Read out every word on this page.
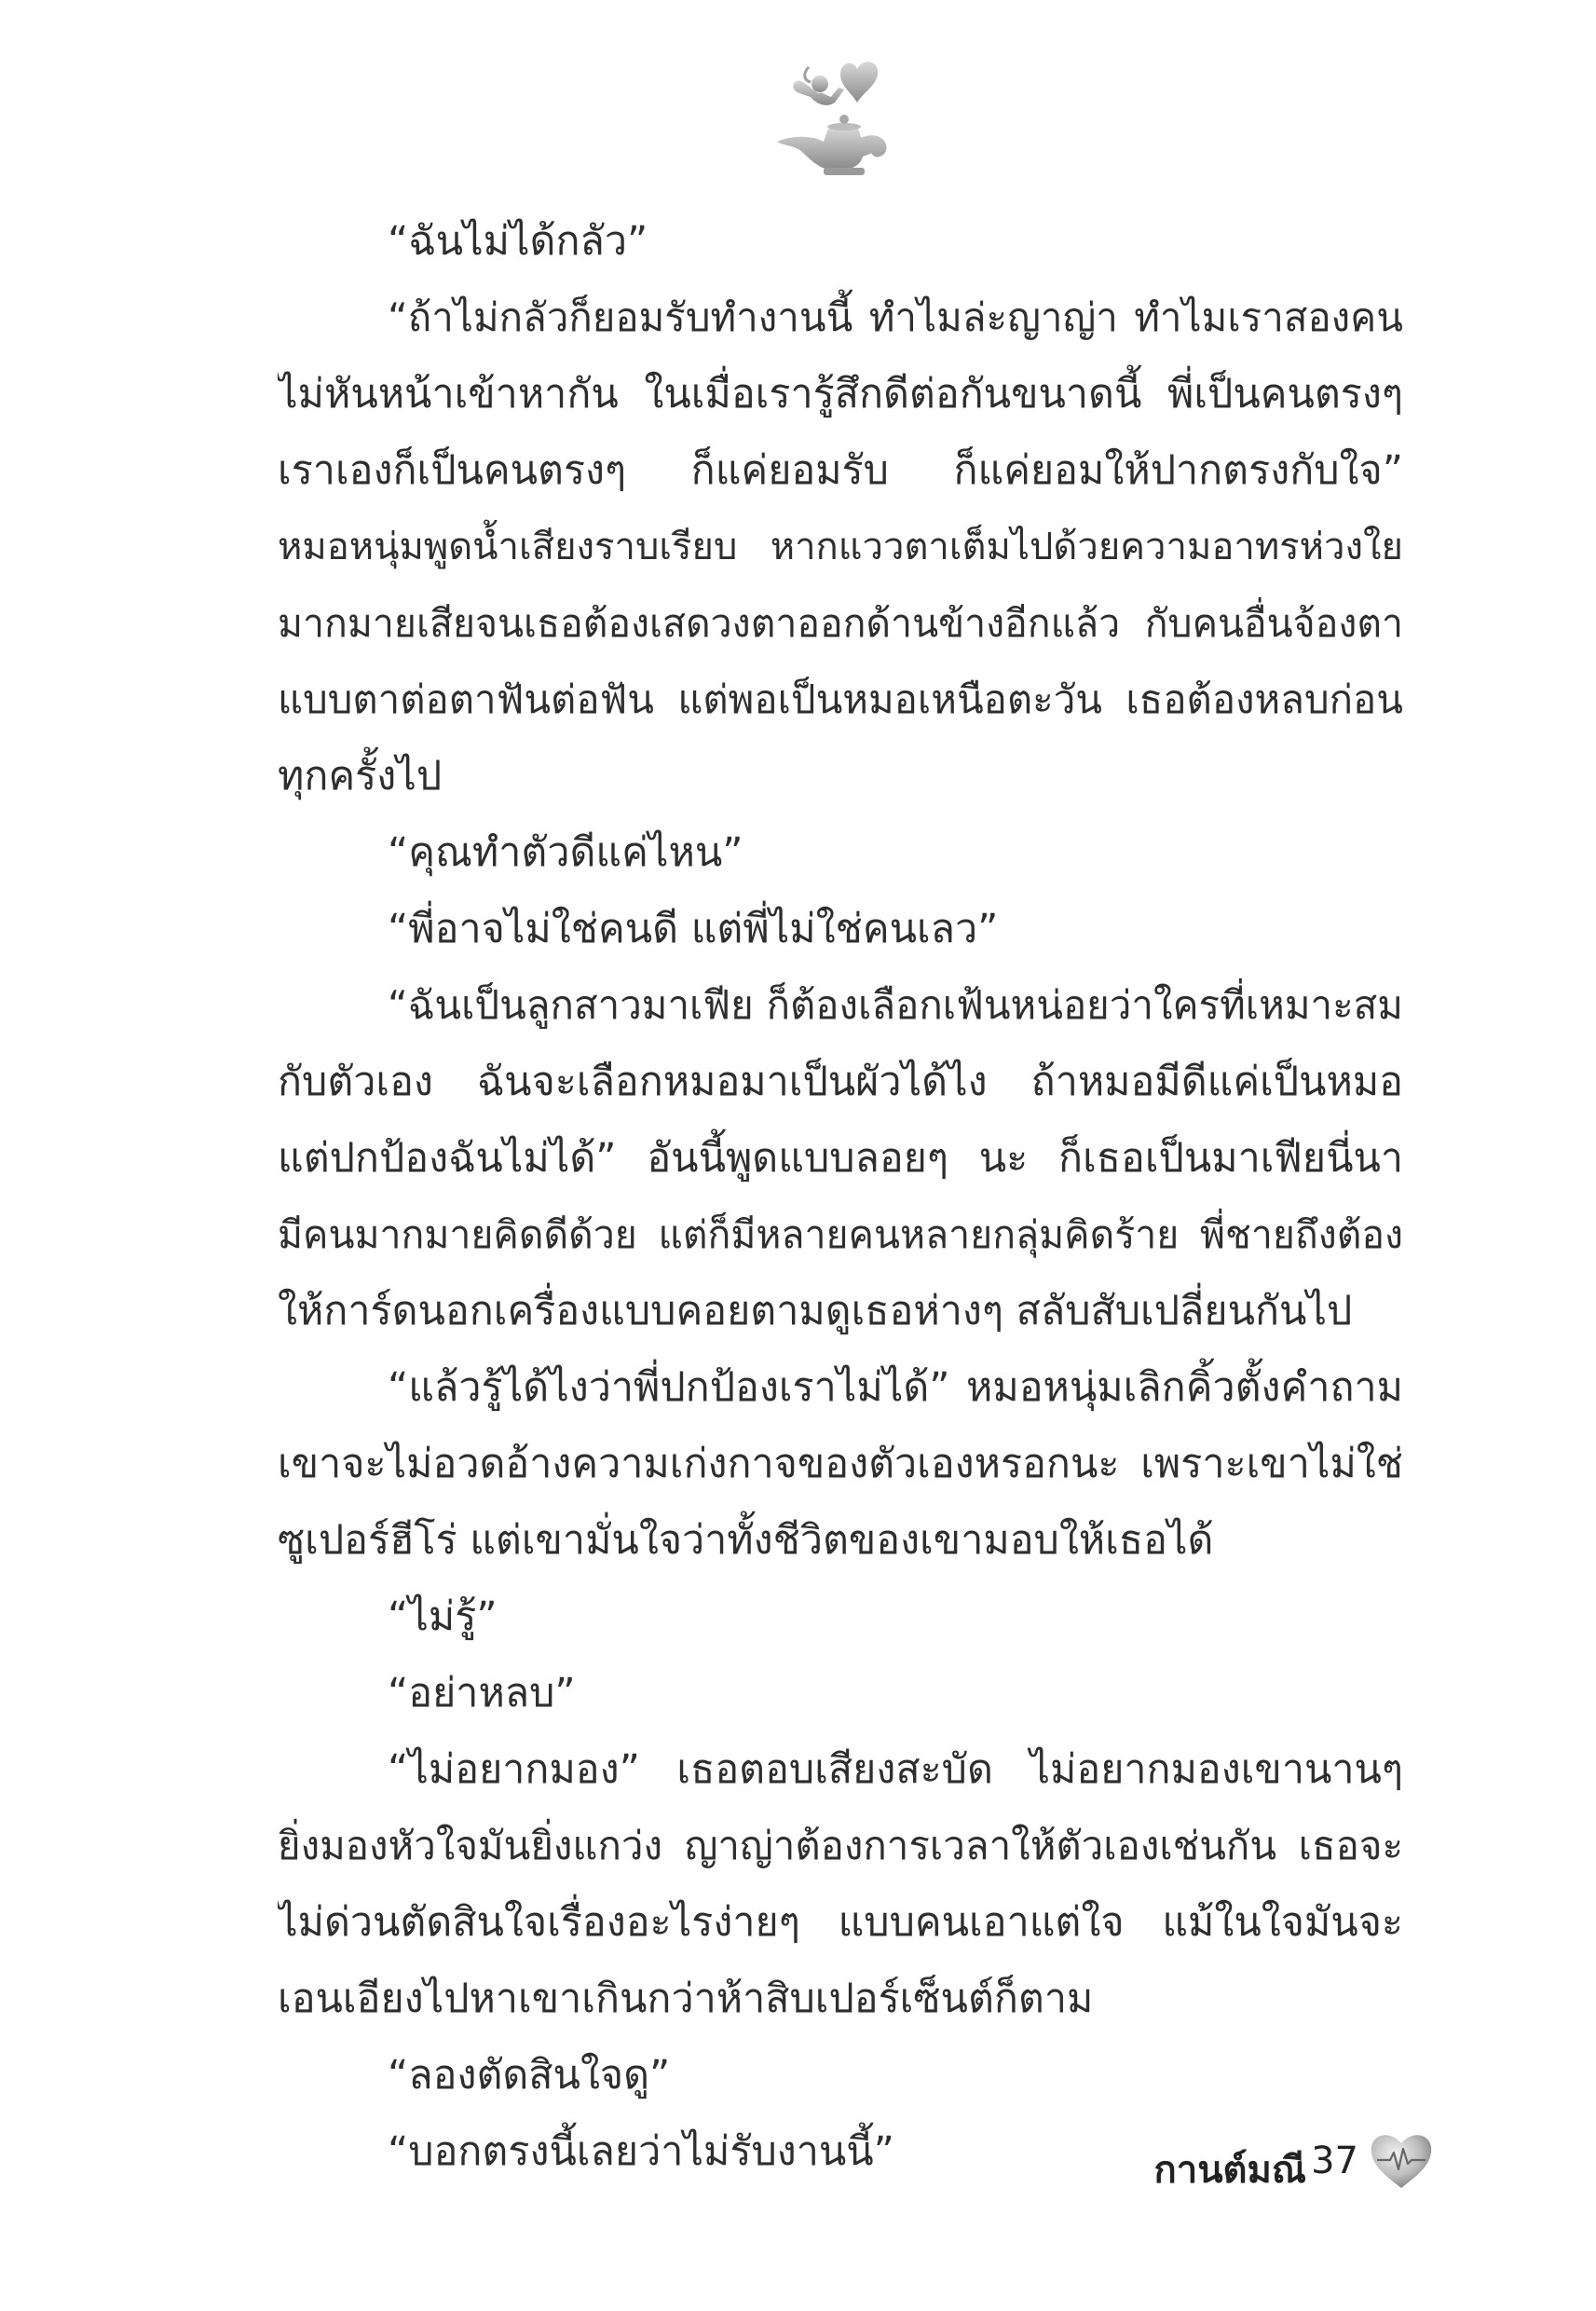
“ฉันไม่ได้กลัว”
“ถ้าไม่กลัวก็ยอมรับทำงานนี้ ทำไมล่ะญาญ่า ทำไมเราสองคน
ไม่หันหน้าเข้าหากัน ในเมื่อเรารู้สึกดีต่อกันขนาดนี้ พี่เป็นคนตรงๆ
เราเองก็เป็นคนตรงๆ ก็แค่ยอมรับ ก็แค่ยอมให้ปากตรงกับใจ”
หมอหนุ่มพูดน้ำเสียงราบเรียบ หากแววตาเต็มไปด้วยความอาทรห่วงใย
มากมายเสียจนเธอต้องเสดวงตาออกด้านข้างอีกแล้ว กับคนอื่นจ้องตา
แบบตาต่อตาฟันต่อฟัน แต่พอเป็นหมอเหนือตะวัน เธอต้องหลบก่อน
ทุกครั้งไป
“คุณทำตัวดีแค่ไหน”
“พี่อาจไม่ใช่คนดี แต่พี่ไม่ใช่คนเลว”
“ฉันเป็นลูกสาวมาเฟีย ก็ต้องเลือกเฟ้นหน่อยว่าใครที่เหมาะสม
กับตัวเอง ฉันจะเลือกหมอมาเป็นผัวได้ไง ถ้าหมอมีดีแค่เป็นหมอ
แต่ปกป้องฉันไม่ได้” อันนี้พูดแบบลอยๆ นะ ก็เธอเป็นมาเฟียนี่นา
มีคนมากมายคิดดีด้วย แต่ก็มีหลายคนหลายกลุ่มคิดร้าย พี่ชายถึงต้อง
ให้การ์ดนอกเครื่องแบบคอยตามดูเธอห่างๆ สลับสับเปลี่ยนกันไป
“แล้วรู้ได้ไงว่าพี่ปกป้องเราไม่ได้” หมอหนุ่มเลิกคิ้วตั้งคำถาม
เขาจะไม่อวดอ้างความเก่งกาจของตัวเองหรอกนะ เพราะเขาไม่ใช่
ซูเปอร์ฮีโร่ แต่เขามั่นใจว่าทั้งชีวิตของเขามอบให้เธอได้
“ไม่รู้”
“อย่าหลบ”
“ไม่อยากมอง” เธอตอบเสียงสะบัด ไม่อยากมองเขานานๆ
ยิ่งมองหัวใจมันยิ่งแกว่ง ญาญ่าต้องการเวลาให้ตัวเองเช่นกัน เธอจะ
ไม่ด่วนตัดสินใจเรื่องอะไรง่ายๆ แบบคนเอาแต่ใจ แม้ในใจมันจะ
เอนเอียงไปหาเขาเกินกว่าห้าสิบเปอร์เซ็นต์ก็ตาม
“ลองตัดสินใจดู”
“บอกตรงนี้เลยว่าไม่รับงานนี้”	กานต์มณี 37
